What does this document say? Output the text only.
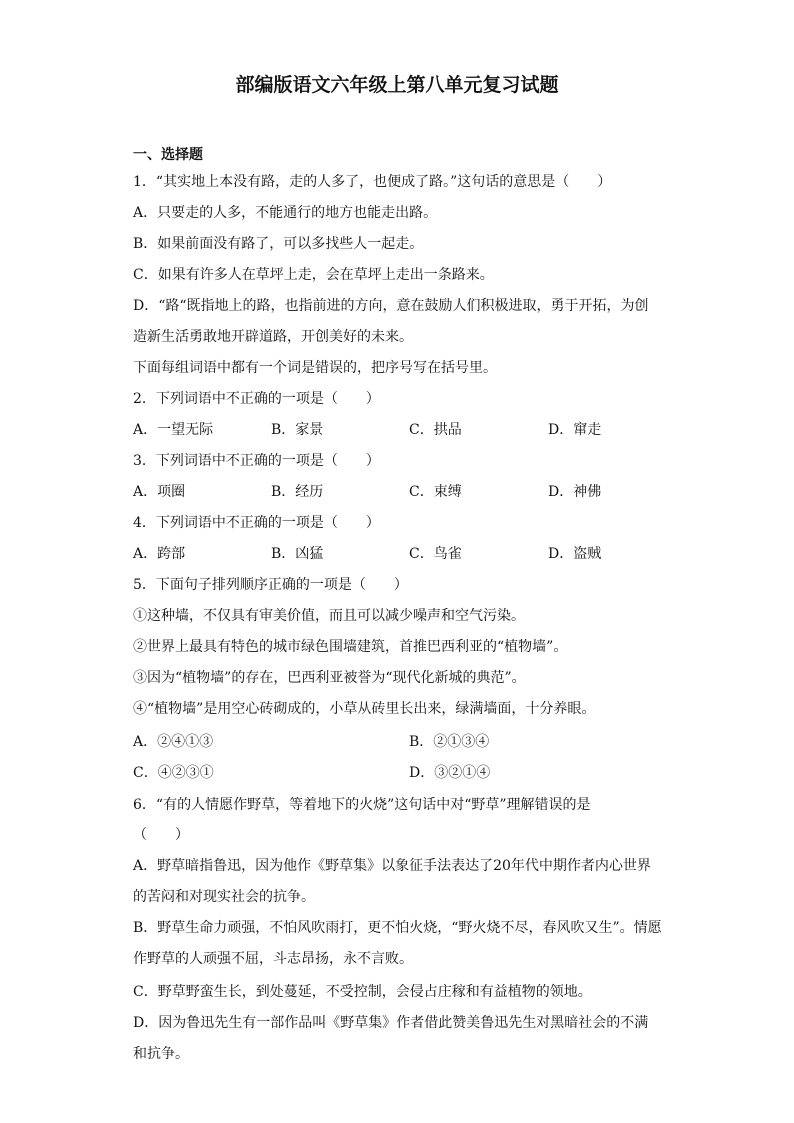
部编版语文六年级上第八单元复习试题
一、选择题
1．“其实地上本没有路，走的人多了，也便成了路。”这句话的意思是（　　）
A．只要走的人多，不能通行的地方也能走出路。
B．如果前面没有路了，可以多找些人一起走。
C．如果有许多人在草坪上走，会在草坪上走出一条路来。
D．“路“既指地上的路，也指前进的方向，意在鼓励人们积极进取，勇于开拓，为创
造新生活勇敢地开辟道路，开创美好的未来。
下面每组词语中都有一个词是错误的，把序号写在括号里。
2．下列词语中不正确的一项是（　　）
A．一望无际	B．家景	C．拱品	D．窜走
3．下列词语中不正确的一项是（　　）
A．项圈	B．经历	C．束缚	D．神佛
4．下列词语中不正确的一项是（　　）
A．跨部	B．凶猛	C．鸟雀	D．盗贼
5．下面句子排列顺序正确的一项是（　　）
①这种墙，不仅具有审美价值，而且可以减少噪声和空气污染。
②世界上最具有特色的城市绿色围墙建筑，首推巴西利亚的“植物墙”。
③因为“植物墙”的存在，巴西利亚被誉为“现代化新城的典范”。
④“植物墙”是用空心砖砌成的，小草从砖里长出来，绿满墙面，十分养眼。
A．②④①③	B．②①③④
C．④②③①	D．③②①④
6．“有的人情愿作野草，等着地下的火烧”这句话中对“野草”理解错误的是
（　　）
A．野草暗指鲁迅，因为他作《野草集》以象征手法表达了20年代中期作者内心世界
的苦闷和对现实社会的抗争。
B．野草生命力顽强，不怕风吹雨打，更不怕火烧，“野火烧不尽，春风吹又生”。情愿
作野草的人顽强不屈，斗志昂扬，永不言败。
C．野草野蛮生长，到处蔓延，不受控制，会侵占庄稼和有益植物的领地。
D．因为鲁迅先生有一部作品叫《野草集》作者借此赞美鲁迅先生对黑暗社会的不满
和抗争。
